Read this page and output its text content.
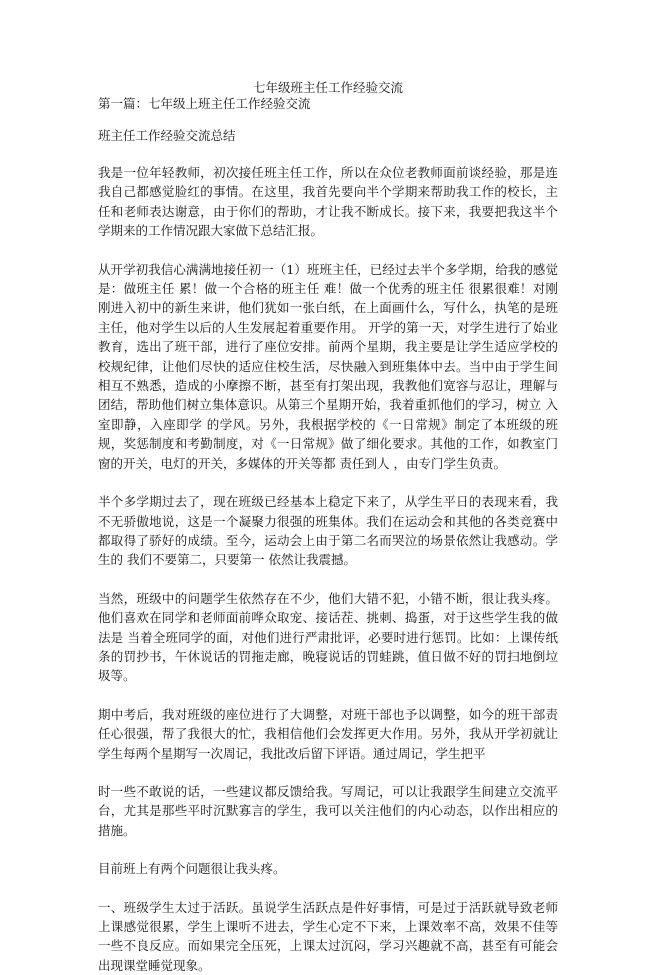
七年级班主任工作经验交流
第一篇：七年级上班主任工作经验交流
班主任工作经验交流总结

我是一位年轻教师，初次接任班主任工作，所以在众位老教师面前谈经验，那是连我自己都感觉脸红的事情。在这里，我首先要向半个学期来帮助我工作的校长，主任和老师表达谢意，由于你们的帮助，才让我不断成长。接下来，我要把我这半个学期来的工作情况跟大家做下总结汇报。

从开学初我信心满满地接任初一（1）班班主任，已经过去半个多学期，给我的感觉是：做班主任 累！做一个合格的班主任 难！做一个优秀的班主任 很累很难！对刚刚进入初中的新生来讲，他们犹如一张白纸，在上面画什么，写什么，执笔的是班主任，他对学生以后的人生发展起着重要作用。 开学的第一天，对学生进行了始业教育，选出了班干部，进行了座位安排。前两个星期，我主要是让学生适应学校的校规纪律，让他们尽快的适应住校生活，尽快融入到班集体中去。当中由于学生间相互不熟悉，造成的小摩擦不断，甚至有打架出现，我教他们宽容与忍让，理解与团结，帮助他们树立集体意识。从第三个星期开始，我着重抓他们的学习，树立 入室即静，入座即学 的学风。另外，我根据学校的《一日常规》制定了本班级的班规，奖惩制度和考勤制度，对《一日常规》做了细化要求。其他的工作，如教室门窗的开关，电灯的开关，多媒体的开关等都 责任到人 ，由专门学生负责。

半个多学期过去了，现在班级已经基本上稳定下来了，从学生平日的表现来看，我不无骄傲地说，这是一个凝聚力很强的班集体。我们在运动会和其他的各类竞赛中都取得了骄好的成绩。至今，运动会上由于第二名而哭泣的场景依然让我感动。学生的 我们不要第二，只要第一 依然让我震撼。

当然，班级中的问题学生依然存在不少，他们大错不犯，小错不断，很让我头疼。他们喜欢在同学和老师面前哗众取宠、接话茬、挑刺、捣蛋，对于这些学生我的做法是 当着全班同学的面，对他们进行严肃批评，必要时进行惩罚。比如：上课传纸条的罚抄书，午休说话的罚拖走廊，晚寝说话的罚蛙跳，值日做不好的罚扫地倒垃圾等。

期中考后，我对班级的座位进行了大调整，对班干部也予以调整，如今的班干部责任心很强，帮了我很大的忙，我相信他们会发挥更大作用。另外，我从开学初就让学生每两个星期写一次周记，我批改后留下评语。通过周记，学生把平

时一些不敢说的话，一些建议都反馈给我。写周记，可以让我跟学生间建立交流平台，尤其是那些平时沉默寡言的学生，我可以关注他们的内心动态，以作出相应的措施。

目前班上有两个问题很让我头疼。

一、班级学生太过于活跃。虽说学生活跃点是件好事情，可是过于活跃就导致老师上课感觉很累，学生上课听不进去，学生心定不下来，上课效率不高，效果不佳等一些不良反应。而如果完全压死，上课太过沉闷，学习兴趣就不高，甚至有可能会出现课堂睡觉现象。
